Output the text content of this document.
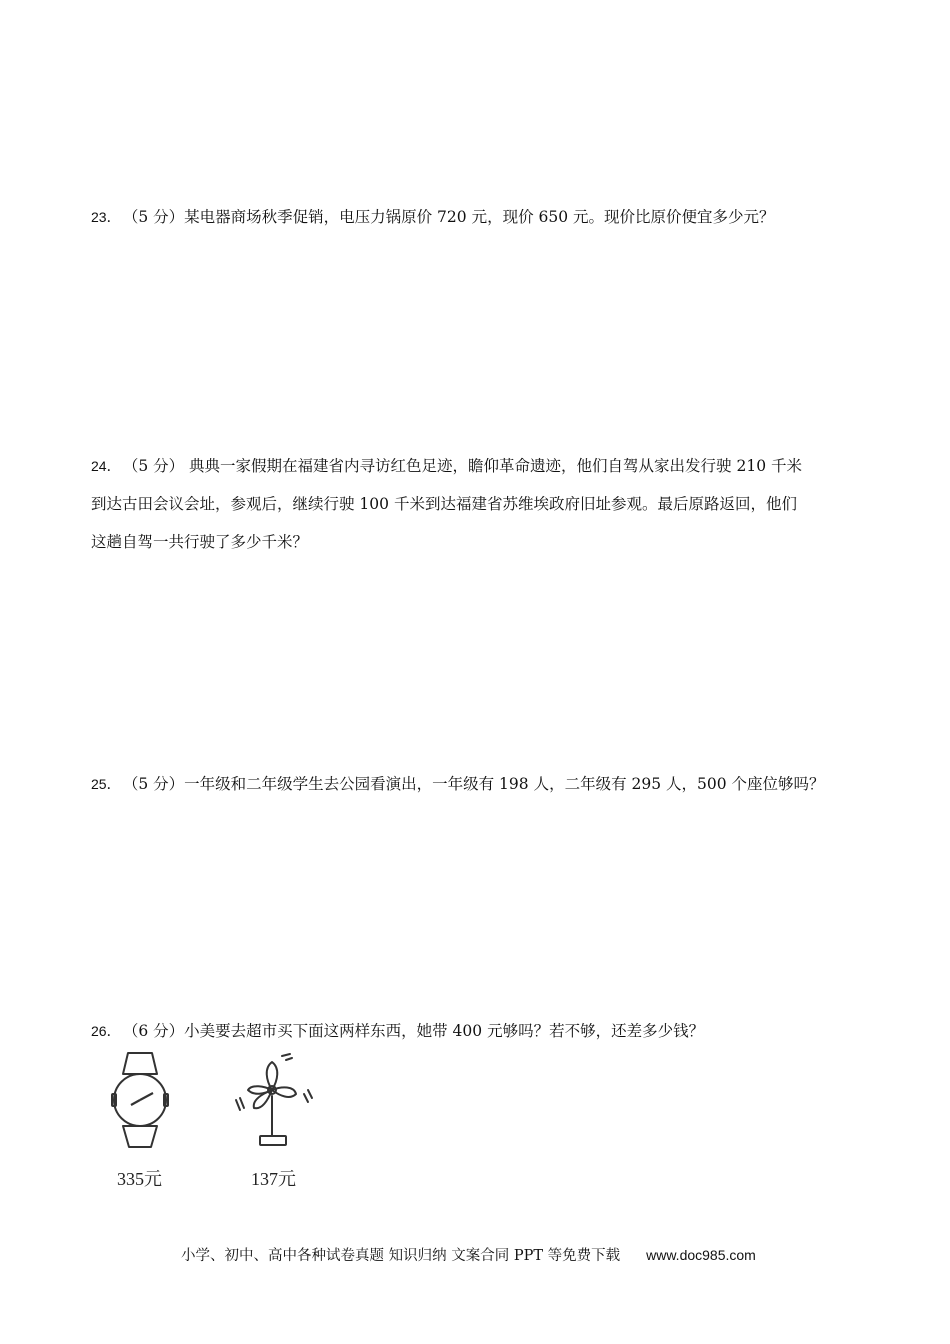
23． （5 分）某电器商场秋季促销，电压力锅原价 720 元，现价 650 元。现价比原价便宜多少元？

24． （5 分） 典典一家假期在福建省内寻访红色足迹，瞻仰革命遗迹，他们自驾从家出发行驶 210 千米

到达古田会议会址，参观后，继续行驶 100 千米到达福建省苏维埃政府旧址参观。最后原路返回，他们

这趟自驾一共行驶了多少千米？

25． （5 分）一年级和二年级学生去公园看演出，一年级有 198 人，二年级有 295 人，500 个座位够吗？

26． （6 分）小美要去超市买下面这两样东西，她带 400 元够吗？若不够，还差多少钱？

335元	137元
小学、初中、高中各种试卷真题 知识归纳 文案合同 PPT 等免费下载 www.doc985.com
